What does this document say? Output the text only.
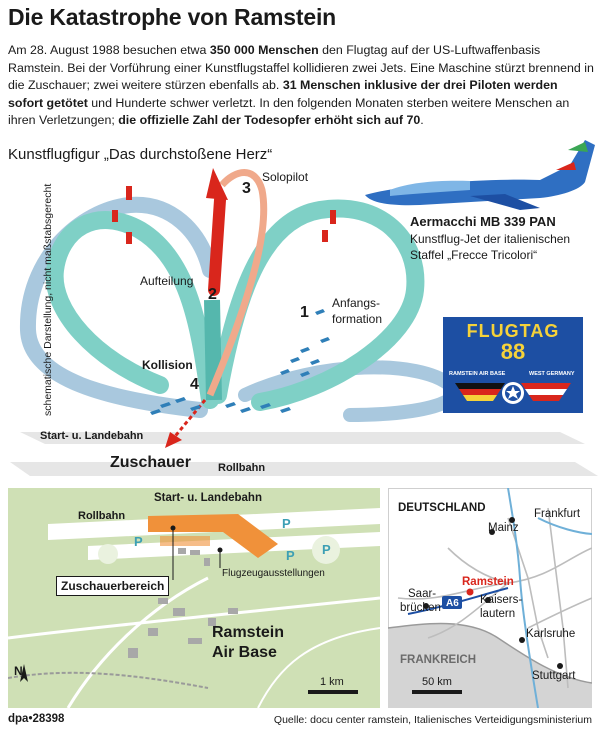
Die Katastrophe von Ramstein
Am 28. August 1988 besuchen etwa 350 000 Menschen den Flugtag auf der US-Luftwaffenbasis Ramstein. Bei der Vorführung einer Kunstflugstaffel kollidieren zwei Jets. Eine Maschine stürzt brennend in die Zuschauer; zwei weitere stürzen ebenfalls ab. 31 Menschen inklusive der drei Piloten werden sofort getötet und Hunderte schwer verletzt. In den folgenden Monaten sterben weitere Menschen an ihren Verletzungen; die offizielle Zahl der Todesopfer erhöht sich auf 70.
Kunstflugfigur „Das durchstoßene Herz“	10
schematische Darstellung, nicht maßstabsgerecht
Solopilot
Aufteilung
Anfangs-
formation
Kollision
Start- u. Landebahn
Zuschauer Rollbahn
1
2
3
4
Aermacchi MB 339 PAN
Kunstflug-Jet der italienischen
Staffel „Frecce Tricolori“
FLUGTAG
88
RAMSTEIN AIR BASE	WEST GERMANY
Start- u. Landebahn
Rollbahn
Zuschauerbereich
Flugzeugausstellungen
Ramstein
Air Base
P
P
P P
N
1 km
DEUTSCHLAND
Mainz
Frankfurt
Ramstein
Saar-
brücken A6 Kaisers-
lautern
Karlsruhe
FRANKREICH
Stuttgart
50 km
dpa•28398	Quelle: docu center ramstein, Italienisches Verteidigungsministerium
